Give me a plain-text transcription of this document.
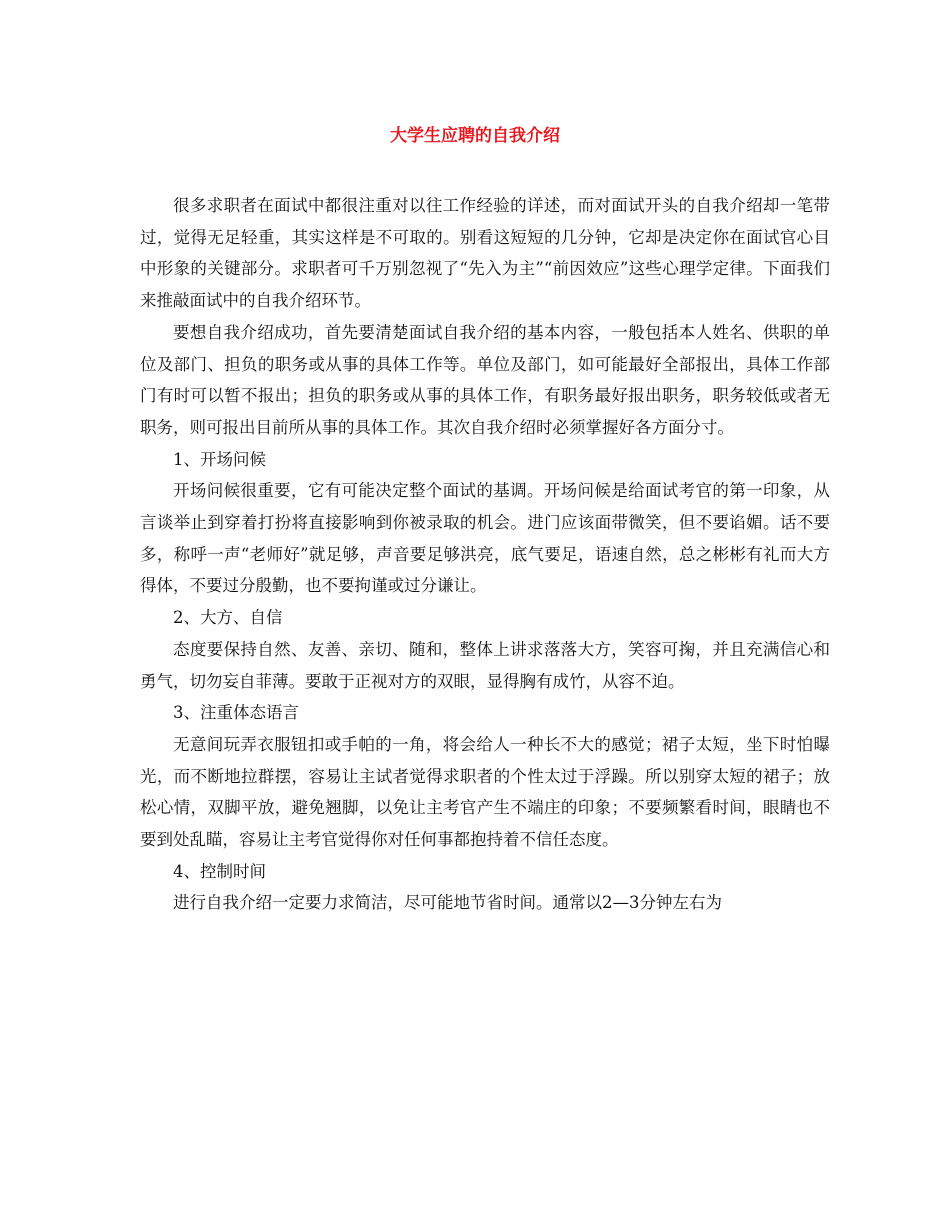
大学生应聘的自我介绍

很多求职者在面试中都很注重对以往工作经验的详述，而对面试开头的自我介绍却一笔带过，觉得无足轻重，其实这样是不可取的。别看这短短的几分钟，它却是决定你在面试官心目中形象的关键部分。求职者可千万别忽视了“先入为主”“前因效应”这些心理学定律。下面我们来推敲面试中的自我介绍环节。

要想自我介绍成功，首先要清楚面试自我介绍的基本内容，一般包括本人姓名、供职的单位及部门、担负的职务或从事的具体工作等。单位及部门，如可能最好全部报出，具体工作部门有时可以暂不报出；担负的职务或从事的具体工作，有职务最好报出职务，职务较低或者无职务，则可报出目前所从事的具体工作。其次自我介绍时必须掌握好各方面分寸。

1、开场问候

开场问候很重要，它有可能决定整个面试的基调。开场问候是给面试考官的第一印象，从言谈举止到穿着打扮将直接影响到你被录取的机会。进门应该面带微笑，但不要谄媚。话不要多，称呼一声“老师好”就足够，声音要足够洪亮，底气要足，语速自然，总之彬彬有礼而大方得体，不要过分殷勤，也不要拘谨或过分谦让。

2、大方、自信

态度要保持自然、友善、亲切、随和，整体上讲求落落大方，笑容可掬，并且充满信心和勇气，切勿妄自菲薄。要敢于正视对方的双眼，显得胸有成竹，从容不迫。

3、注重体态语言

无意间玩弄衣服钮扣或手帕的一角，将会给人一种长不大的感觉；裙子太短，坐下时怕曝光，而不断地拉群摆，容易让主试者觉得求职者的个性太过于浮躁。所以别穿太短的裙子；放松心情，双脚平放，避免翘脚，以免让主考官产生不端庄的印象；不要频繁看时间，眼睛也不要到处乱瞄，容易让主考官觉得你对任何事都抱持着不信任态度。

4、控制时间

进行自我介绍一定要力求简洁，尽可能地节省时间。通常以2—3分钟左右为
